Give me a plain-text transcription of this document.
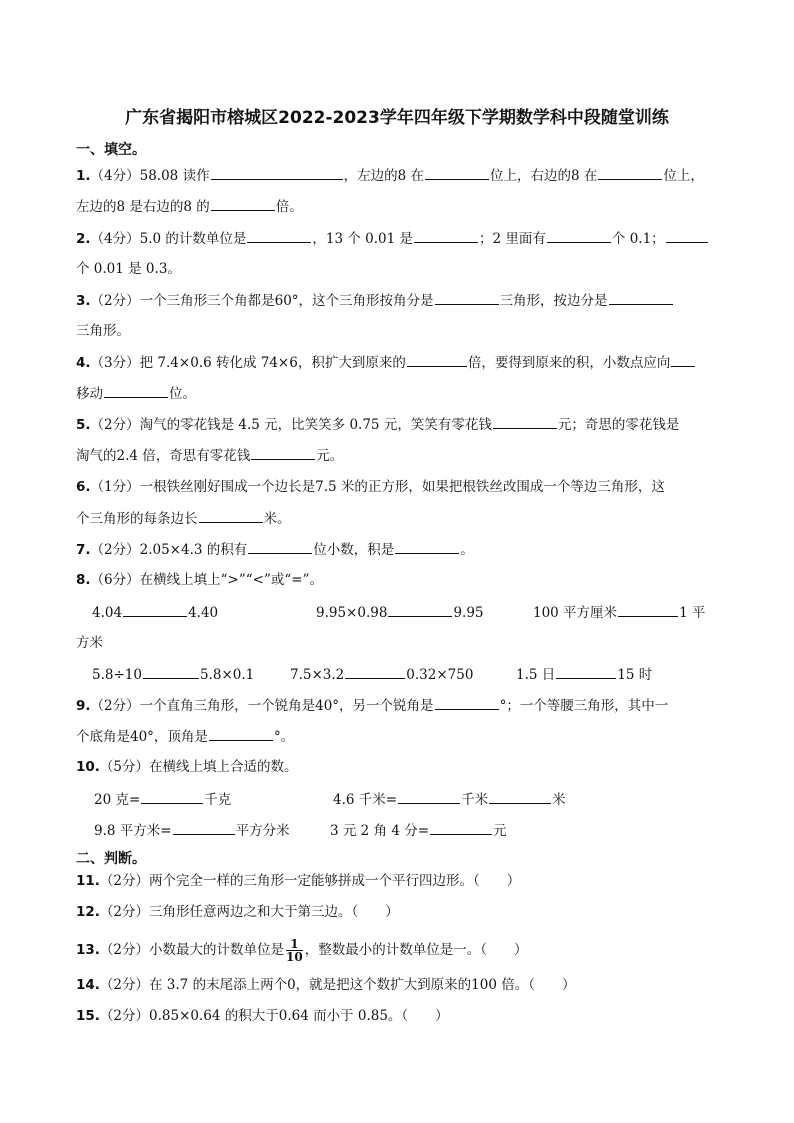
广东省揭阳市榕城区2022-2023学年四年级下学期数学科中段随堂训练
一、填空。
1.（4分）58.08 读作	，左边的8 在	位上，右边的8 在	位上，
左边的8 是右边的8 的	倍。
2.（4分）5.0 的计数单位是	，13 个 0.01 是	；2 里面有	个 0.1；
个 0.01 是 0.3。
3.（2分）一个三角形三个角都是60°，这个三角形按角分是	三角形，按边分是
三角形。
4.（3分）把 7.4×0.6 转化成 74×6，积扩大到原来的	倍，要得到原来的积，小数点应向
移动	位。
5.（2分）淘气的零花钱是 4.5 元，比笑笑多 0.75 元，笑笑有零花钱	元；奇思的零花钱是
淘气的2.4 倍，奇思有零花钱	元。
6.（1分）一根铁丝刚好围成一个边长是7.5 米的正方形，如果把根铁丝改围成一个等边三角形，这
个三角形的每条边长	米。
7.（2分）2.05×4.3 的积有	位小数，积是	。
8.（6分）在横线上填上“>”“<”或“=”。
4.04	4.40	9.95×0.98	9.95	100 平方厘米	1 平
方米
5.8÷10	5.8×0.1	7.5×3.2	0.32×750	1.5 日	15 时
9.（2分）一个直角三角形，一个锐角是40°，另一个锐角是	°；一个等腰三角形，其中一
个底角是40°，顶角是	°。
10.（5分）在横线上填上合适的数。
20 克=	千克	4.6 千米=	千米	米
9.8 平方米=	平方分米	3 元 2 角 4 分=	元
二、判断。
11.（2分）两个完全一样的三角形一定能够拼成一个平行四边形。（　　）
12.（2分）三角形任意两边之和大于第三边。（　　）
13.（2分）小数最大的计数单位是 $\frac{1}{10}$ ，整数最小的计数单位是一。（　　）
14.（2分）在 3.7 的末尾添上两个0，就是把这个数扩大到原来的100 倍。（　　）
15.（2分）0.85×0.64 的积大于0.64 而小于 0.85。（　　）
